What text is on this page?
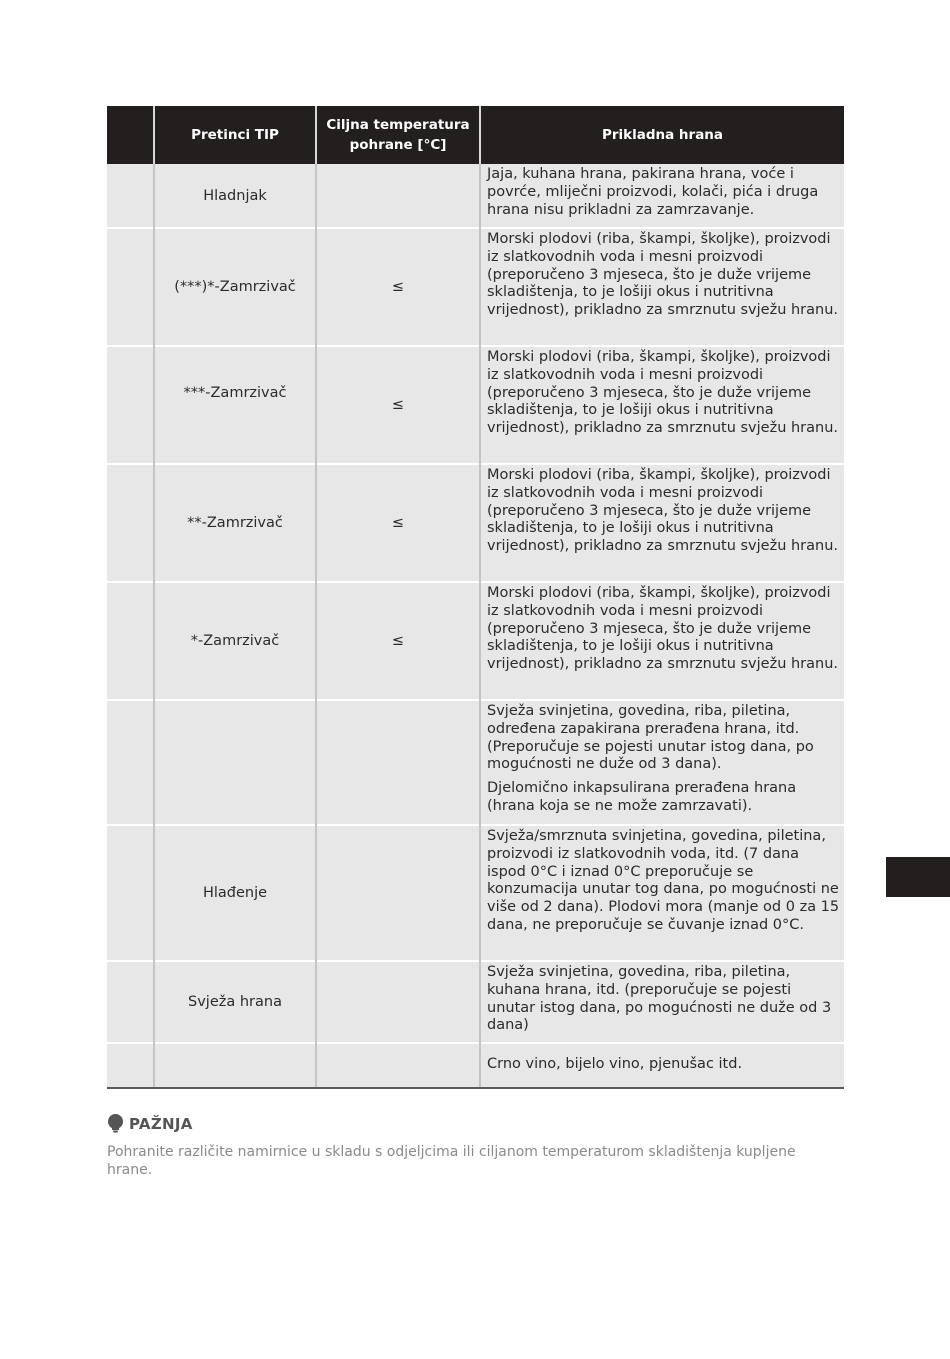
	Pretinci TIP	Ciljna temperatura pohrane [°C]	Prikladna hrana
	Hladnjak		Jaja, kuhana hrana, pakirana hrana, voće i povrće, mliječni proizvodi, kolači, pića i druga hrana nisu prikladni za zamrzavanje.

	(***)*-Zamrzivač	≤	Morski plodovi (riba, škampi, školjke), proizvodi iz slatkovodnih voda i mesni proizvodi (preporučeno 3 mjeseca, što je duže vrijeme skladištenja, to je lošiji okus i nutritivna vrijednost), prikladno za smrznutu svježu hranu.

	***-Zamrzivač	≤	Morski plodovi (riba, škampi, školjke), proizvodi iz slatkovodnih voda i mesni proizvodi (preporučeno 3 mjeseca, što je duže vrijeme skladištenja, to je lošiji okus i nutritivna vrijednost), prikladno za smrznutu svježu hranu.

	**-Zamrzivač	≤	Morski plodovi (riba, škampi, školjke), proizvodi iz slatkovodnih voda i mesni proizvodi (preporučeno 3 mjeseca, što je duže vrijeme skladištenja, to je lošiji okus i nutritivna vrijednost), prikladno za smrznutu svježu hranu.

	*-Zamrzivač	≤	Morski plodovi (riba, škampi, školjke), proizvodi iz slatkovodnih voda i mesni proizvodi (preporučeno 3 mjeseca, što je duže vrijeme skladištenja, to je lošiji okus i nutritivna vrijednost), prikladno za smrznutu svježu hranu.

			Svježa svinjetina, govedina, riba, piletina, određena zapakirana prerađena hrana, itd. (Preporučuje se pojesti unutar istog dana, po mogućnosti ne duže od 3 dana).

Djelomično inkapsulirana prerađena hrana (hrana koja se ne može zamrzavati).

	Hlađenje		Svježa/smrznuta svinjetina, govedina, piletina, proizvodi iz slatkovodnih voda, itd. (7 dana ispod 0°C i iznad 0°C preporučuje se konzumacija unutar tog dana, po mogućnosti ne više od 2 dana). Plodovi mora (manje od 0 za 15 dana, ne preporučuje se čuvanje iznad 0°C.

	Svježa hrana		Svježa svinjetina, govedina, riba, piletina, kuhana hrana, itd. (preporučuje se pojesti unutar istog dana, po mogućnosti ne duže od 3 dana)

			Crno vino, bijelo vino, pjenušac itd.

PAŽNJA
Pohranite različite namirnice u skladu s odjeljcima ili ciljanom temperaturom skladištenja kupljene hrane.
